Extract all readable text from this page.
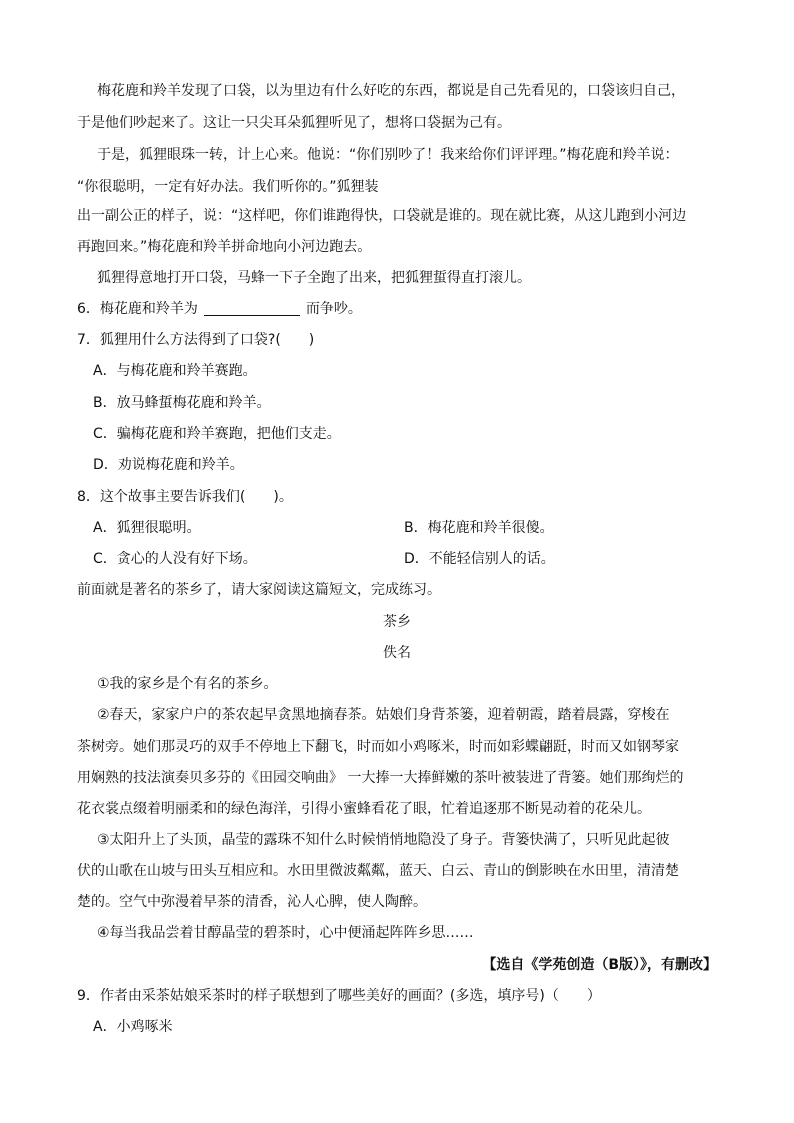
梅花鹿和羚羊发现了口袋，以为里边有什么好吃的东西，都说是自己先看见的，口袋该归自己，
于是他们吵起来了。这让一只尖耳朵狐狸听见了，想将口袋据为己有。
于是，狐狸眼珠一转，计上心来。他说：“你们别吵了！我来给你们评评理。”梅花鹿和羚羊说：
“你很聪明，一定有好办法。我们听你的。”狐狸装
出一副公正的样子，说：“这样吧，你们谁跑得快，口袋就是谁的。现在就比赛，从这儿跑到小河边
再跑回来。”梅花鹿和羚羊拼命地向小河边跑去。
狐狸得意地打开口袋，马蜂一下子全跑了出来，把狐狸蜇得直打滚儿。
6．梅花鹿和羚羊为	而争吵。
7．狐狸用什么方法得到了口袋?(　　)
A．与梅花鹿和羚羊赛跑。
B．放马蜂蜇梅花鹿和羚羊。
C．骗梅花鹿和羚羊赛跑，把他们支走。
D．劝说梅花鹿和羚羊。
8．这个故事主要告诉我们(　　)。
A．狐狸很聪明。	B．梅花鹿和羚羊很傻。
C．贪心的人没有好下场。	D．不能轻信别人的话。
前面就是著名的茶乡了，请大家阅读这篇短文，完成练习。
茶乡
佚名
①我的家乡是个有名的茶乡。
②春天，家家户户的茶农起早贪黑地摘春茶。姑娘们身背茶篓，迎着朝霞，踏着晨露，穿梭在
茶树旁。她们那灵巧的双手不停地上下翻飞，时而如小鸡啄米，时而如彩蝶翩跹，时而又如钢琴家
用娴熟的技法演奏贝多芬的《田园交响曲》 一大捧一大捧鲜嫩的茶叶被装进了背篓。她们那绚烂的
花衣裳点缀着明丽柔和的绿色海洋，引得小蜜蜂看花了眼，忙着追逐那不断晃动着的花朵儿。
③太阳升上了头顶，晶莹的露珠不知什么时候悄悄地隐没了身子。背篓快满了，只听见此起彼
伏的山歌在山坡与田头互相应和。水田里微波粼粼，蓝天、白云、青山的倒影映在水田里，清清楚
楚的。空气中弥漫着早茶的清香，沁人心脾，使人陶醉。
④每当我品尝着甘醇晶莹的碧茶时，心中便涌起阵阵乡思……
【选自《学苑创造（B版）》，有删改】
9．作者由采茶姑娘采茶时的样子联想到了哪些美好的画面？(多选，填序号)（　　）
A．小鸡啄米
